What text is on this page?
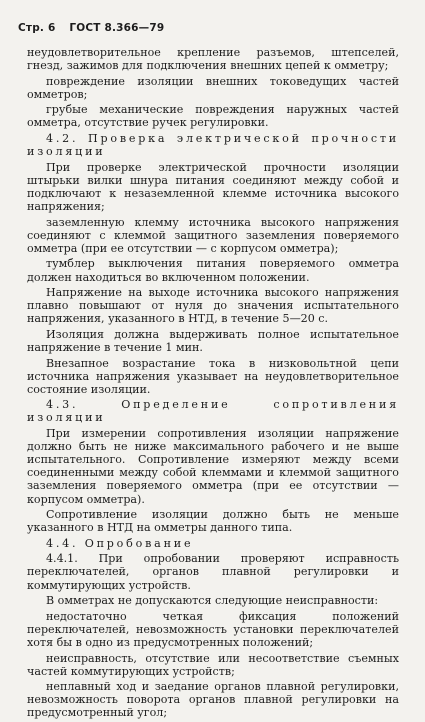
Стр. 6 ГОСТ 8.366—79

неудовлетворительное крепление разъемов, штепселей, гнезд, зажимов для подключения внешних цепей к омметру;

повреждение изоляции внешних токоведущих частей омметров;

грубые механические повреждения наружных частей омметра, отсутствие ручек регулировки.

4.2. Проверка электрической прочности изоляции

При проверке электрической прочности изоляции штырьки вилки шнура питания соединяют между собой и подключают к незаземленной клемме источника высокого напряжения;

заземленную клемму источника высокого напряжения соединяют с клеммой защитного заземления поверяемого омметра (при ее отсутствии — с корпусом омметра);

тумблер выключения питания поверяемого омметра должен находиться во включенном положении.

Напряжение на выходе источника высокого напряжения плавно повышают от нуля до значения испытательного напряжения, указанного в НТД, в течение 5—20 с.

Изоляция должна выдерживать полное испытательное напряжение в течение 1 мин.

Внезапное возрастание тока в низковольтной цепи источника напряжения указывает на неудовлетворительное состояние изоляции.

4.3. Определение сопротивления изоляции

При измерении сопротивления изоляции напряжение должно быть не ниже максимального рабочего и не выше испытательного. Сопротивление измеряют между всеми соединенными между собой клеммами и клеммой защитного заземления поверяемого омметра (при ее отсутствии — корпусом омметра).

Сопротивление изоляции должно быть не меньше указанного в НТД на омметры данного типа.

4.4. Опробование

4.4.1. При опробовании проверяют исправность переключателей, органов плавной регулировки и коммутирующих устройств.

В омметрах не допускаются следующие неисправности:

недостаточно четкая фиксация положений переключателей, невозможность установки переключателей хотя бы в одно из предусмотренных положений;

неисправность, отсутствие или несоответствие съемных частей коммутирующих устройств;

неплавный ход и заедание органов плавной регулировки, невозможность поворота органов плавной регулировки на предусмотренный угол;
